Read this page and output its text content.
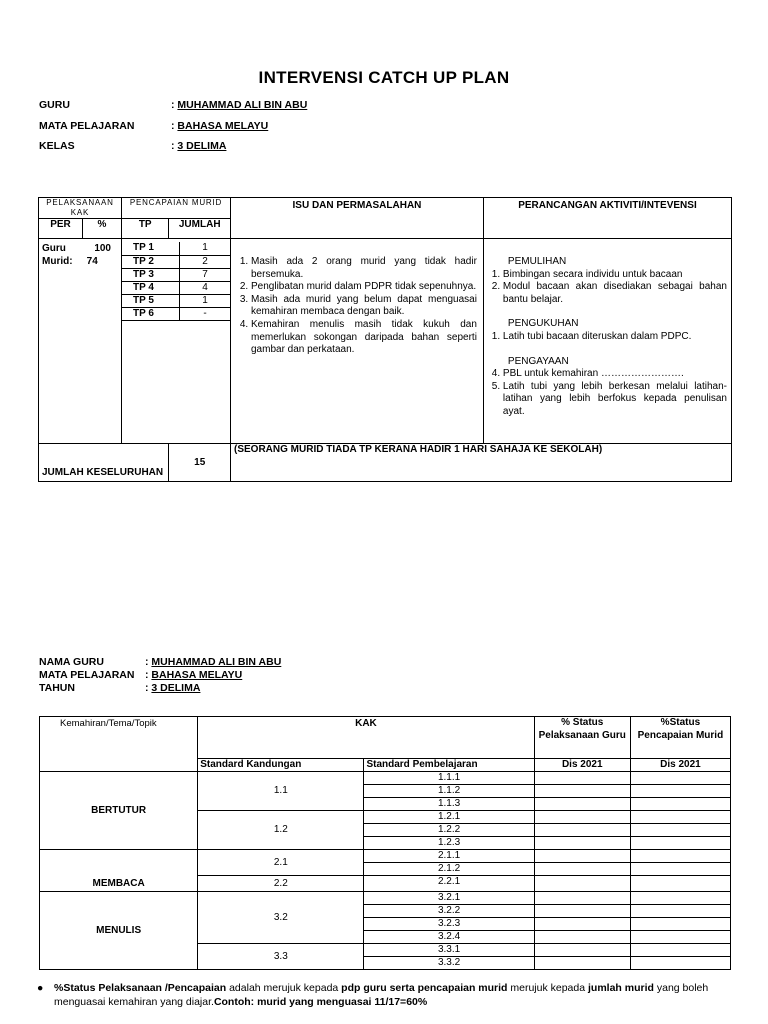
INTERVENSI CATCH UP PLAN
GURU	: MUHAMMAD ALI BIN ABU
MATA PELAJARAN	: BAHASA MELAYU
KELAS	: 3 DELIMA
PELAKSANAAN KAK	PENCAPAIAN MURID	ISU DAN PERMASALAHAN	PERANCANGAN AKTIVITI/INTEVENSI
PER	%	TP	JUMLAH

Guru	100
Murid:	74

TP 1	1
TP 2	2
TP 3	7
TP 4	4
TP 5	1
TP 6	-

1. Masih ada 2 orang murid yang tidak hadir bersemuka.
2. Penglibatan murid dalam PDPR tidak sepenuhnya.
3. Masih ada murid yang belum dapat menguasai kemahiran membaca dengan baik.
4. Kemahiran menulis masih tidak kukuh dan memerlukan sokongan daripada bahan seperti gambar dan perkataan.

PEMULIHAN
1. Bimbingan secara individu untuk bacaan
2. Modul bacaan akan disediakan sebagai bahan bantu belajar.
PENGUKUHAN
1. Latih tubi bacaan diteruskan dalam PDPC.
PENGAYAAN
4. PBL untuk kemahiran …………………….
5. Latih tubi yang lebih berkesan melalui latihan-latihan yang lebih berfokus kepada penulisan ayat.

JUMLAH KESELURUHAN	15	(SEORANG MURID TIADA TP KERANA HADIR 1 HARI SAHAJA KE SEKOLAH)
NAMA GURU	: MUHAMMAD ALI BIN ABU
MATA PELAJARAN : BAHASA MELAYU
TAHUN	: 3 DELIMA
Kemahiran/Tema/Topik	KAK		% Status Pelaksanaan Guru	%Status Pencapaian Murid
	Standard Kandungan	Standard Pembelajaran	Dis 2021	Dis 2021
BERTUTUR	1.1	1.1.1		
		1.1.2		
		1.1.3		
	1.2	1.2.1		
		1.2.2		
		1.2.3		
MEMBACA	2.1	2.1.1		
		2.1.2		
	2.2	2.2.1		
MENULIS	3.2	3.2.1		
		3.2.2		
		3.2.3		
		3.2.4		
	3.3	3.3.1		
		3.3.2		
● %Status Pelaksanaan /Pencapaian adalah merujuk kepada pdp guru serta pencapaian murid merujuk kepada jumlah murid yang boleh menguasai kemahiran yang diajar.Contoh: murid yang menguasai 11/17=60%
